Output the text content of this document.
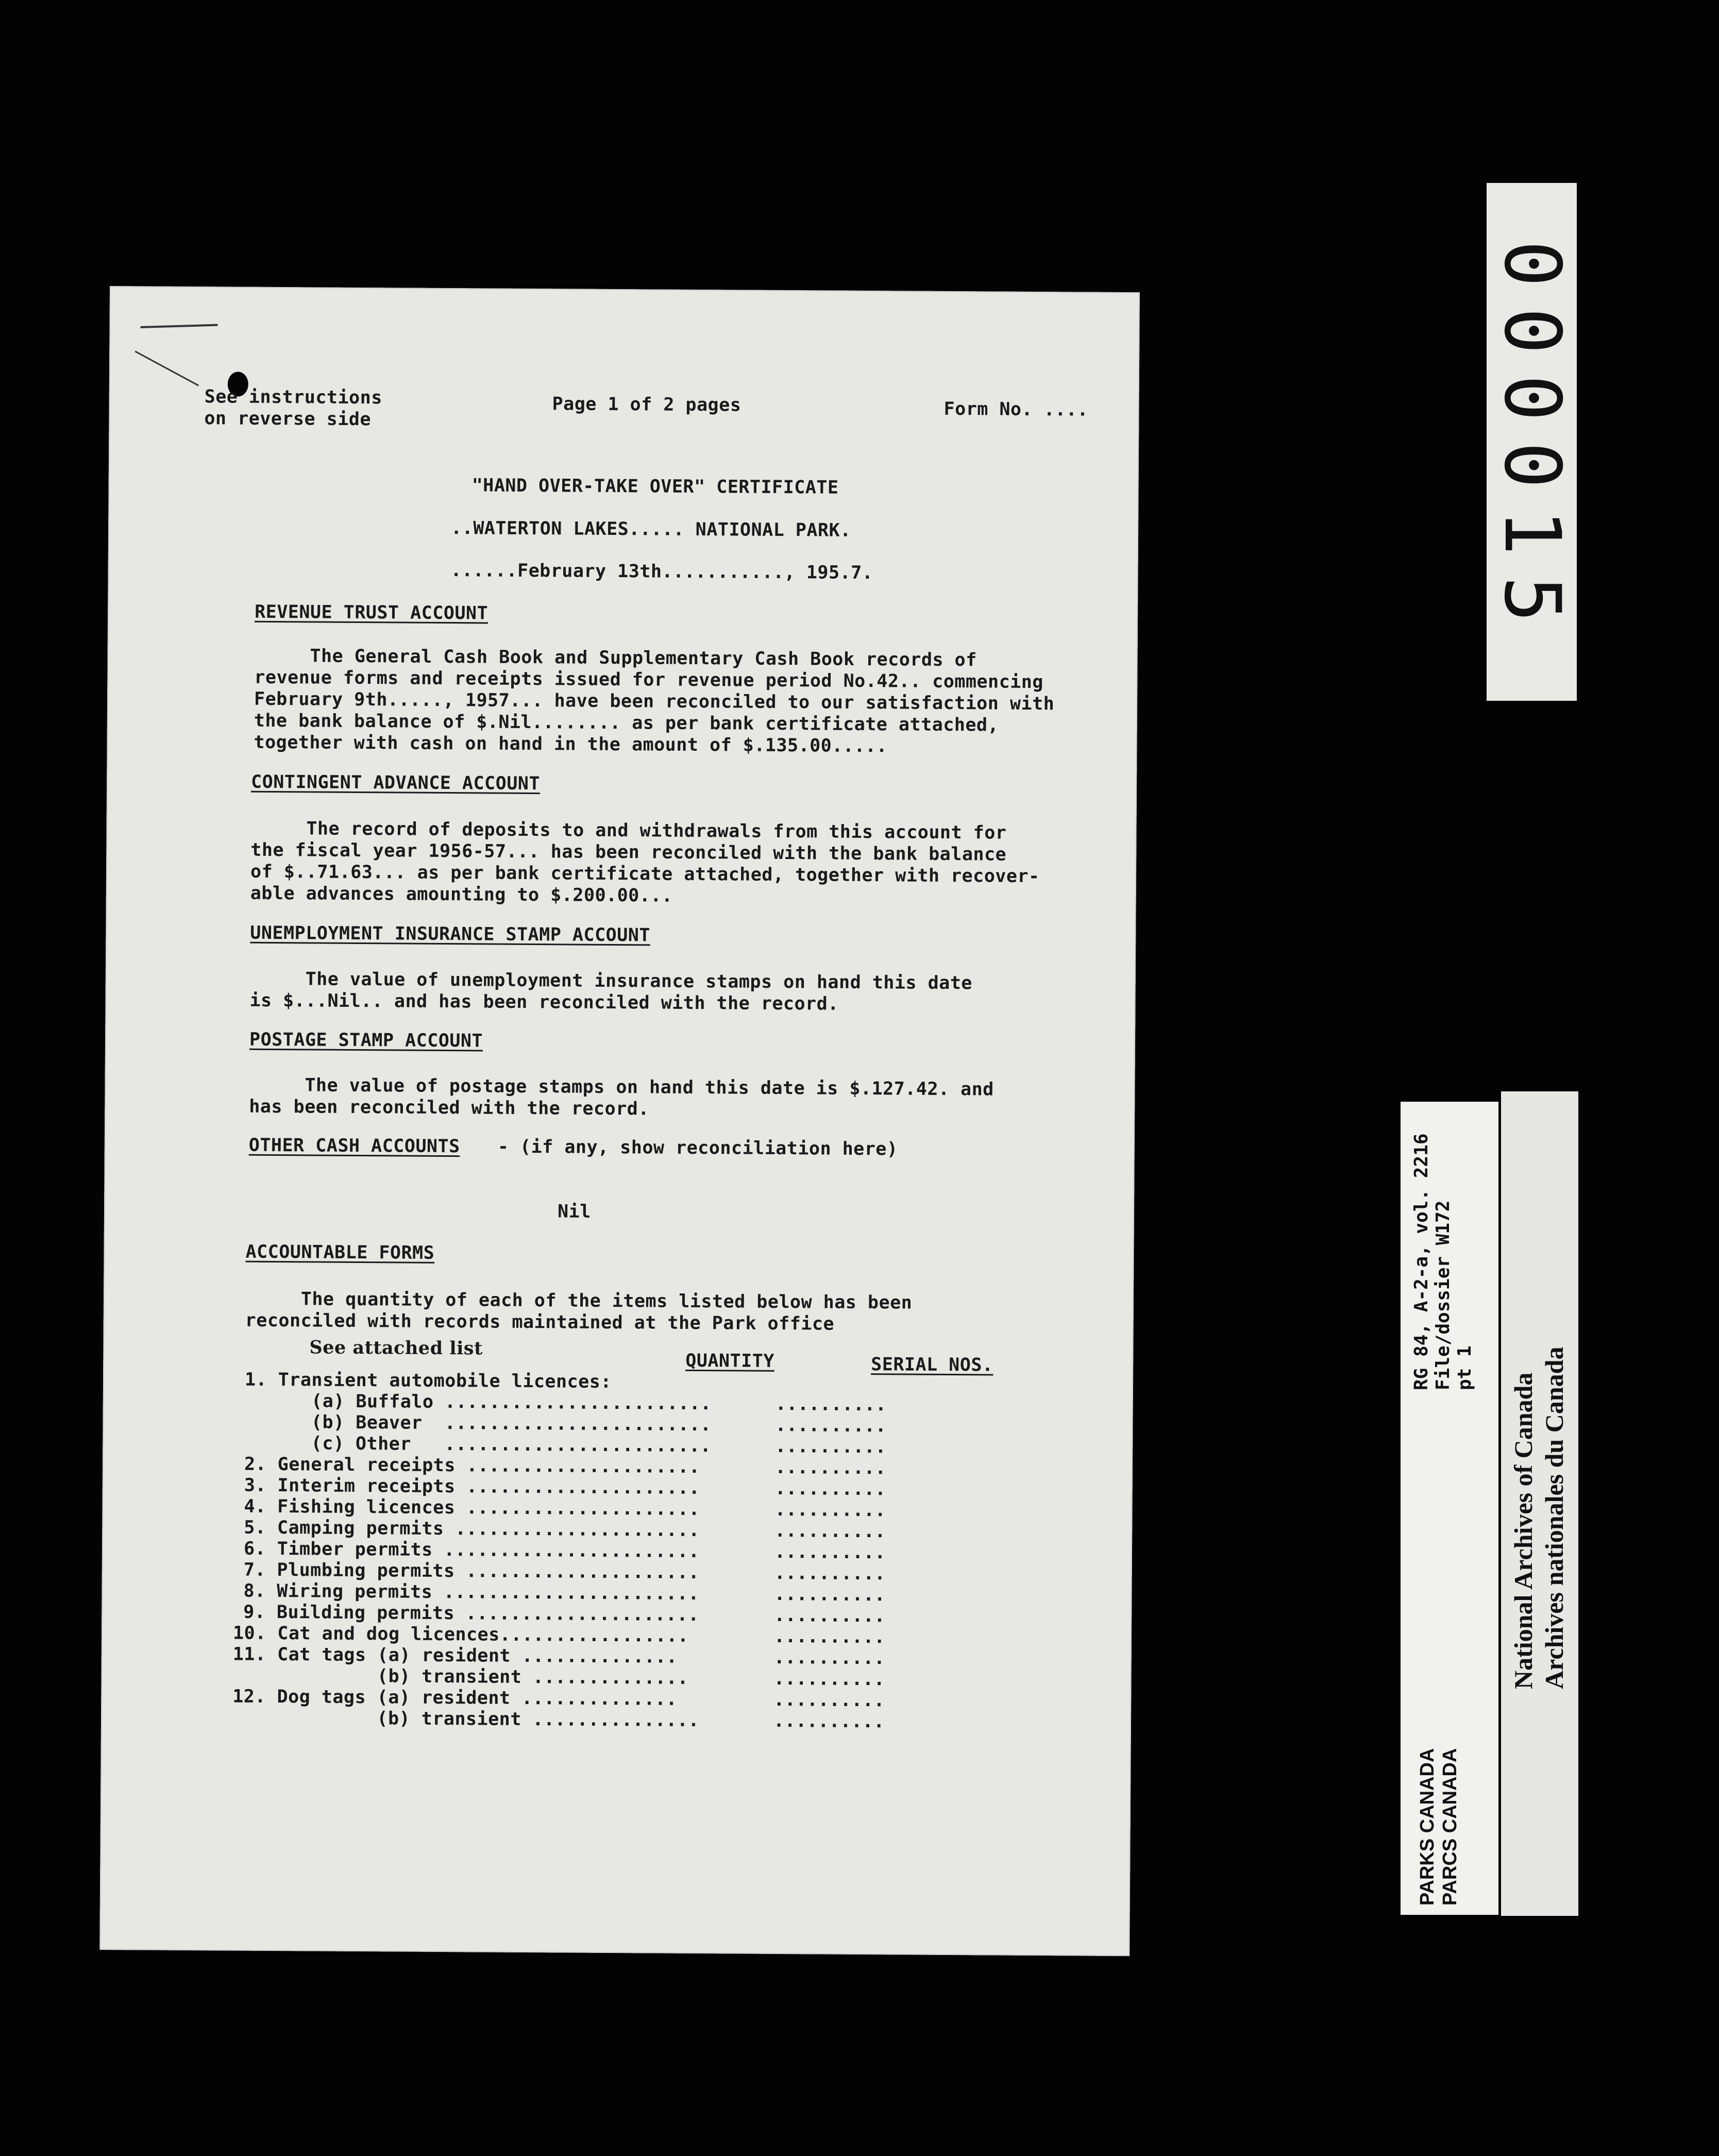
See instructions
on reverse side
Page 1 of 2 pages	Form No. ....
"HAND OVER-TAKE OVER" CERTIFICATE
..WATERTON LAKES..... NATIONAL PARK.
......February 13th..........., 195.7.
REVENUE TRUST ACCOUNT
The General Cash Book and Supplementary Cash Book records of
revenue forms and receipts issued for revenue period No.42.. commencing
February 9th....., 1957... have been reconciled to our satisfaction with
the bank balance of $.Nil........ as per bank certificate attached,
together with cash on hand in the amount of $.135.00.....
CONTINGENT ADVANCE ACCOUNT
The record of deposits to and withdrawals from this account for
the fiscal year 1956-57... has been reconciled with the bank balance
of $..71.63... as per bank certificate attached, together with recover-
able advances amounting to $.200.00...
UNEMPLOYMENT INSURANCE STAMP ACCOUNT
The value of unemployment insurance stamps on hand this date
is $...Nil.. and has been reconciled with the record.
POSTAGE STAMP ACCOUNT
The value of postage stamps on hand this date is $.127.42. and
has been reconciled with the record.
OTHER CASH ACCOUNTS - (if any, show reconciliation here)
Nil
ACCOUNTABLE FORMS
The quantity of each of the items listed below has been
reconciled with records maintained at the Park office
See attached list
QUANTITY	SERIAL NOS.
1. Transient automobile licences:
(a) Buffalo ........................
(b) Beaver  ........................
(c) Other   ........................
2. General receipts .....................
3. Interim receipts .....................
4. Fishing licences .....................
5. Camping permits ......................
6. Timber permits .......................
7. Plumbing permits .....................
8. Wiring permits .......................
9. Building permits .....................
10. Cat and dog licences.................
11. Cat tags (a) resident ..............
(b) transient ..............
12. Dog tags (a) resident ..............
(b) transient ...............
..........
..........
..........
..........
..........
..........
..........
..........
..........
..........
..........
..........
..........
..........
..........
..........
000015
RG 84, A-2-a, vol. 2216 File/dossier W172 pt 1
PARKS CANADA PARCS CANADA
National Archives of Canada Archives nationales du Canada
